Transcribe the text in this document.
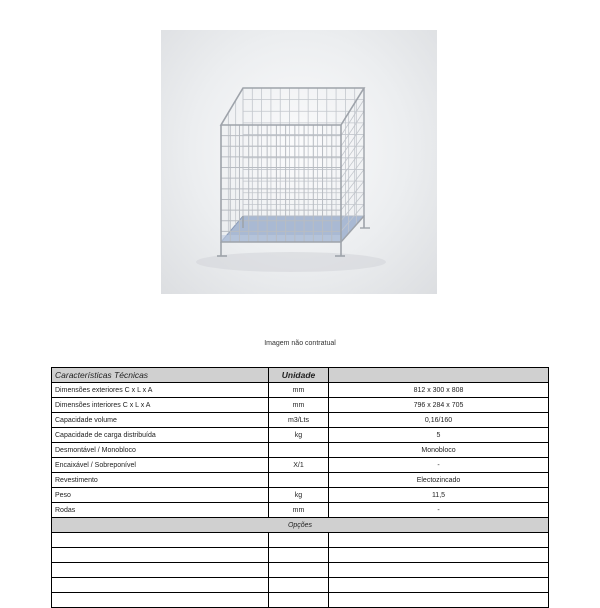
Imagem não contratual
Características Técnicas	Unidade	
Dimensões exteriores C x L x A	mm	812 x 300 x 808
Dimensões interiores C x L x A	mm	796 x 284 x 705
Capacidade volume	m3/Lts	0,16/160
Capacidade de carga distribuída	kg	5
Desmontável / Monobloco		Monobloco
Encaixável / Sobreponível	X/1	-
Revestimento		Electozincado
Peso	kg	11,5
Rodas	mm	-
Opções		
